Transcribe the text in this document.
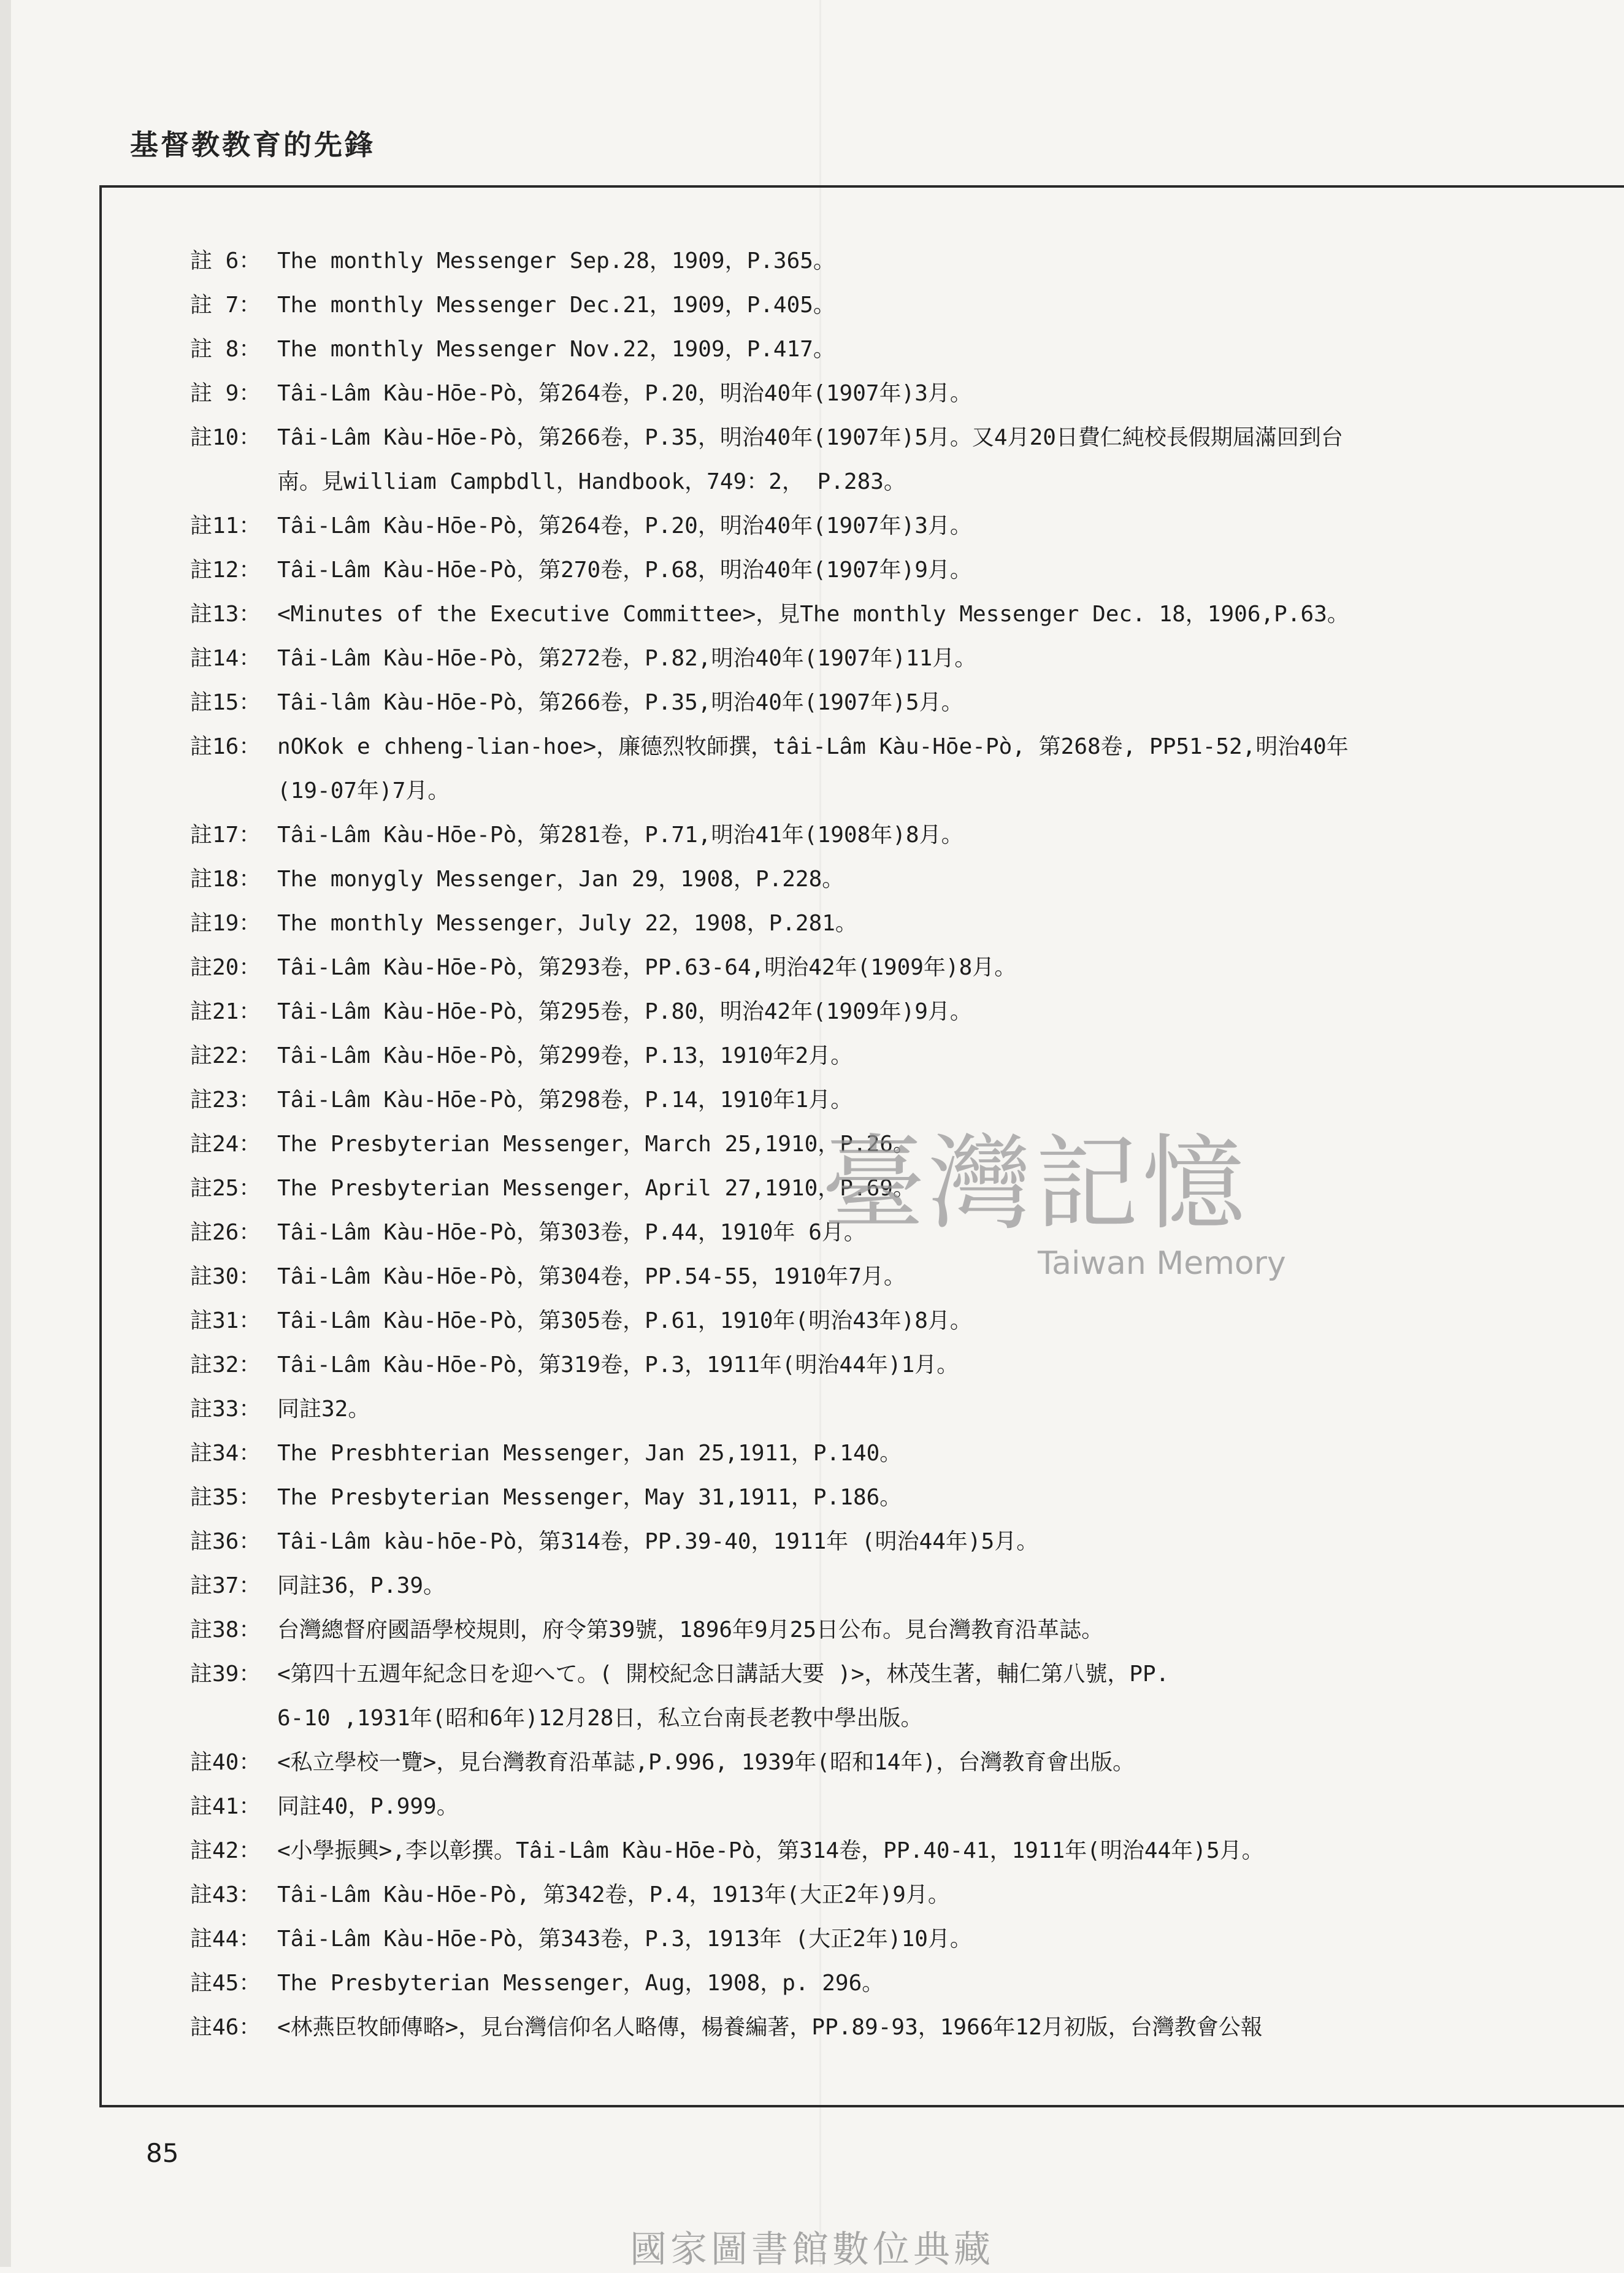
基督教教育的先鋒
註 6： The monthly Messenger Sep.28，1909，P.365。
註 7： The monthly Messenger Dec.21，1909，P.405。
註 8： The monthly Messenger Nov.22，1909，P.417。
註 9： Tâi-Lâm Kàu-Hōe-Pò，第264卷，P.20，明治40年(1907年)3月。
註10： Tâi-Lâm Kàu-Hōe-Pò，第266卷，P.35，明治40年(1907年)5月。又4月20日費仁純校長假期屆滿回到台
南。見william Campbdll，Handbook，749：2， P.283。
註11： Tâi-Lâm Kàu-Hōe-Pò，第264卷，P.20，明治40年(1907年)3月。
註12： Tâi-Lâm Kàu-Hōe-Pò，第270卷，P.68，明治40年(1907年)9月。
註13： <Minutes of the Executive Committee>，見The monthly Messenger Dec. 18，1906,P.63。
註14： Tâi-Lâm Kàu-Hōe-Pò，第272卷，P.82,明治40年(1907年)11月。
註15： Tâi-lâm Kàu-Hōe-Pò，第266卷，P.35,明治40年(1907年)5月。
註16： nOKok e chheng-lian-hoe>，廉德烈牧師撰，tâi-Lâm Kàu-Hōe-Pò, 第268卷, PP51-52,明治40年
(19-07年)7月。
註17： Tâi-Lâm Kàu-Hōe-Pò，第281卷，P.71,明治41年(1908年)8月。
註18： The monygly Messenger，Jan 29，1908，P.228。
註19： The monthly Messenger，July 22，1908，P.281。
註20： Tâi-Lâm Kàu-Hōe-Pò，第293卷，PP.63-64,明治42年(1909年)8月。
註21： Tâi-Lâm Kàu-Hōe-Pò，第295卷，P.80，明治42年(1909年)9月。
註22： Tâi-Lâm Kàu-Hōe-Pò，第299卷，P.13，1910年2月。
註23： Tâi-Lâm Kàu-Hōe-Pò，第298卷，P.14，1910年1月。
註24： The Presbyterian Messenger，March 25,1910，P.26。
註25： The Presbyterian Messenger，April 27,1910，P.69。
註26： Tâi-Lâm Kàu-Hōe-Pò，第303卷，P.44，1910年 6月。
註30： Tâi-Lâm Kàu-Hōe-Pò，第304卷，PP.54-55，1910年7月。
註31： Tâi-Lâm Kàu-Hōe-Pò，第305卷，P.61，1910年(明治43年)8月。
註32： Tâi-Lâm Kàu-Hōe-Pò，第319卷，P.3，1911年(明治44年)1月。
註33： 同註32。
註34： The Presbhterian Messenger，Jan 25,1911，P.140。
註35： The Presbyterian Messenger，May 31,1911，P.186。
註36： Tâi-Lâm kàu-hōe-Pò，第314卷，PP.39-40，1911年 (明治44年)5月。
註37： 同註36，P.39。
註38： 台灣總督府國語學校規則，府令第39號，1896年9月25日公布。見台灣教育沿革誌。
註39： <第四十五週年紀念日を迎へて。( 開校紀念日講話大要 )>，林茂生著，輔仁第八號，PP.
6-10 ,1931年(昭和6年)12月28日，私立台南長老教中學出版。
註40： <私立學校一覽>，見台灣教育沿革誌,P.996, 1939年(昭和14年)，台灣教育會出版。
註41： 同註40，P.999。
註42： <小學振興>,李以彰撰。Tâi-Lâm Kàu-Hōe-Pò，第314卷，PP.40-41，1911年(明治44年)5月。
註43： Tâi-Lâm Kàu-Hōe-Pò, 第342卷，P.4，1913年(大正2年)9月。
註44： Tâi-Lâm Kàu-Hōe-Pò，第343卷，P.3，1913年 (大正2年)10月。
註45： The Presbyterian Messenger，Aug，1908，p. 296。
註46： <林燕臣牧師傳略>，見台灣信仰名人略傳，楊養編著，PP.89-93，1966年12月初版，台灣教會公報
臺灣記憶
Taiwan Memory
85
國家圖書館數位典藏
